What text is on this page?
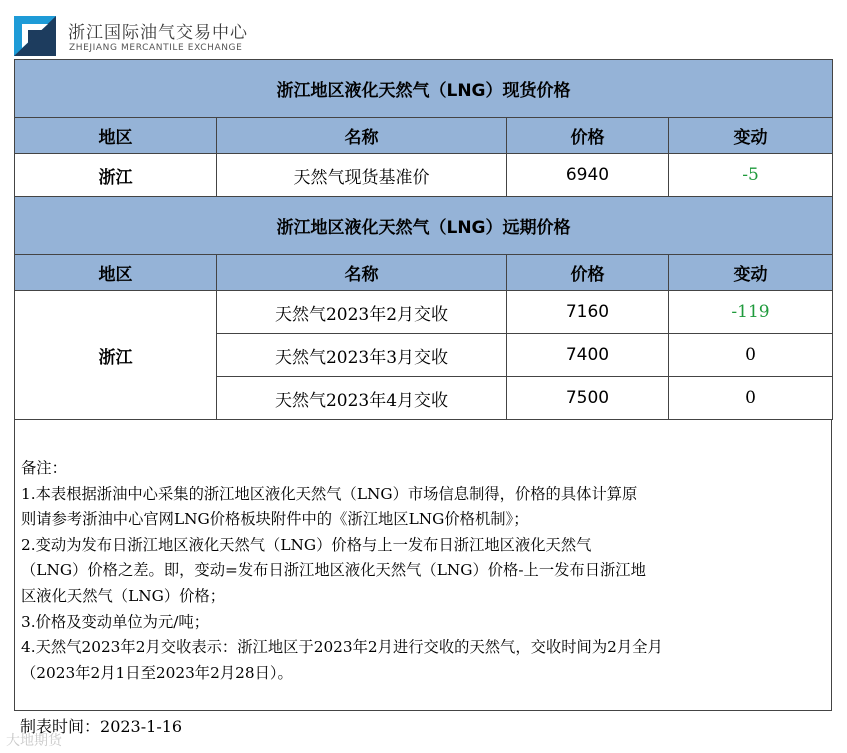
浙江国际油气交易中心
ZHEJIANG MERCANTILE EXCHANGE
浙江地区液化天然气（LNG）现货价格			
地区	名称	价格	变动
浙江	天然气现货基准价	6940	-5
浙江地区液化天然气（LNG）远期价格			
地区	名称	价格	变动
浙江	天然气2023年2月交收	7160	-119
	天然气2023年3月交收	7400	0
	天然气2023年4月交收	7500	0
备注：
1.本表根据浙油中心采集的浙江地区液化天然气（LNG）市场信息制得，价格的具体计算原
则请参考浙油中心官网LNG价格板块附件中的《浙江地区LNG价格机制》；
2.变动为发布日浙江地区液化天然气（LNG）价格与上一发布日浙江地区液化天然气
（LNG）价格之差。即，变动=发布日浙江地区液化天然气（LNG）价格-上一发布日浙江地
区液化天然气（LNG）价格；
3.价格及变动单位为元/吨；
4.天然气2023年2月交收表示：浙江地区于2023年2月进行交收的天然气，交收时间为2月全月
（2023年2月1日至2023年2月28日）。
制表时间：2023-1-16
大地期货
